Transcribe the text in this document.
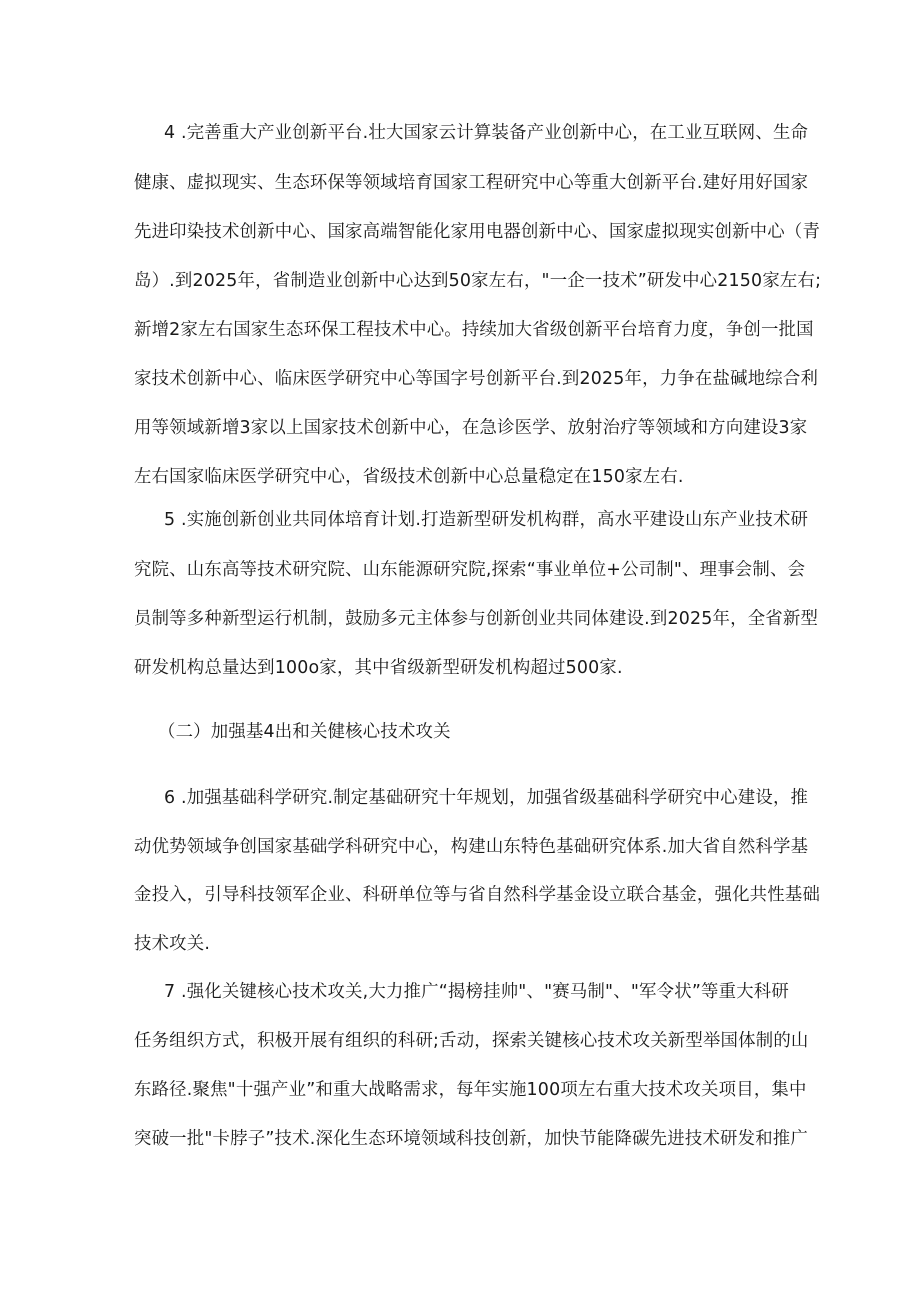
4 .完善重大产业创新平台.壮大国家云计算装备产业创新中心，在工业互联网、生命
健康、虚拟现实、生态环保等领域培育国家工程研究中心等重大创新平台.建好用好国家
先进印染技术创新中心、国家高端智能化家用电器创新中心、国家虚拟现实创新中心（青
岛）.到2025年，省制造业创新中心达到50家左右，"一企一技术”研发中心2150家左右;
新增2家左右国家生态环保工程技术中心。持续加大省级创新平台培育力度，争创一批国
家技术创新中心、临床医学研究中心等国字号创新平台.到2025年，力争在盐碱地综合利
用等领域新增3家以上国家技术创新中心，在急诊医学、放射治疗等领域和方向建设3家
左右国家临床医学研究中心，省级技术创新中心总量稳定在150家左右.
5 .实施创新创业共同体培育计划.打造新型研发机构群，高水平建设山东产业技术研
究院、山东高等技术研究院、山东能源研究院,探索“事业单位+公司制"、理事会制、会
员制等多种新型运行机制，鼓励多元主体参与创新创业共同体建设.到2025年，全省新型
研发机构总量达到100o家，其中省级新型研发机构超过500家.
（二）加强基4出和关健核心技术攻关
6 .加强基础科学研究.制定基础研究十年规划，加强省级基础科学研究中心建设，推
动优势领域争创国家基础学科研究中心，构建山东特色基础研究体系.加大省自然科学基
金投入，引导科技领军企业、科研单位等与省自然科学基金设立联合基金，强化共性基础
技术攻关.
7 .强化关键核心技术攻关,大力推广“揭榜挂帅"、"赛马制"、"军令状”等重大科研
任务组织方式，积极开展有组织的科研;舌动，探索关键核心技术攻关新型举国体制的山
东路径.聚焦"十强产业”和重大战略需求，每年实施100项左右重大技术攻关项目，集中
突破一批"卡脖子”技术.深化生态环境领域科技创新，加快节能降碳先进技术研发和推广
